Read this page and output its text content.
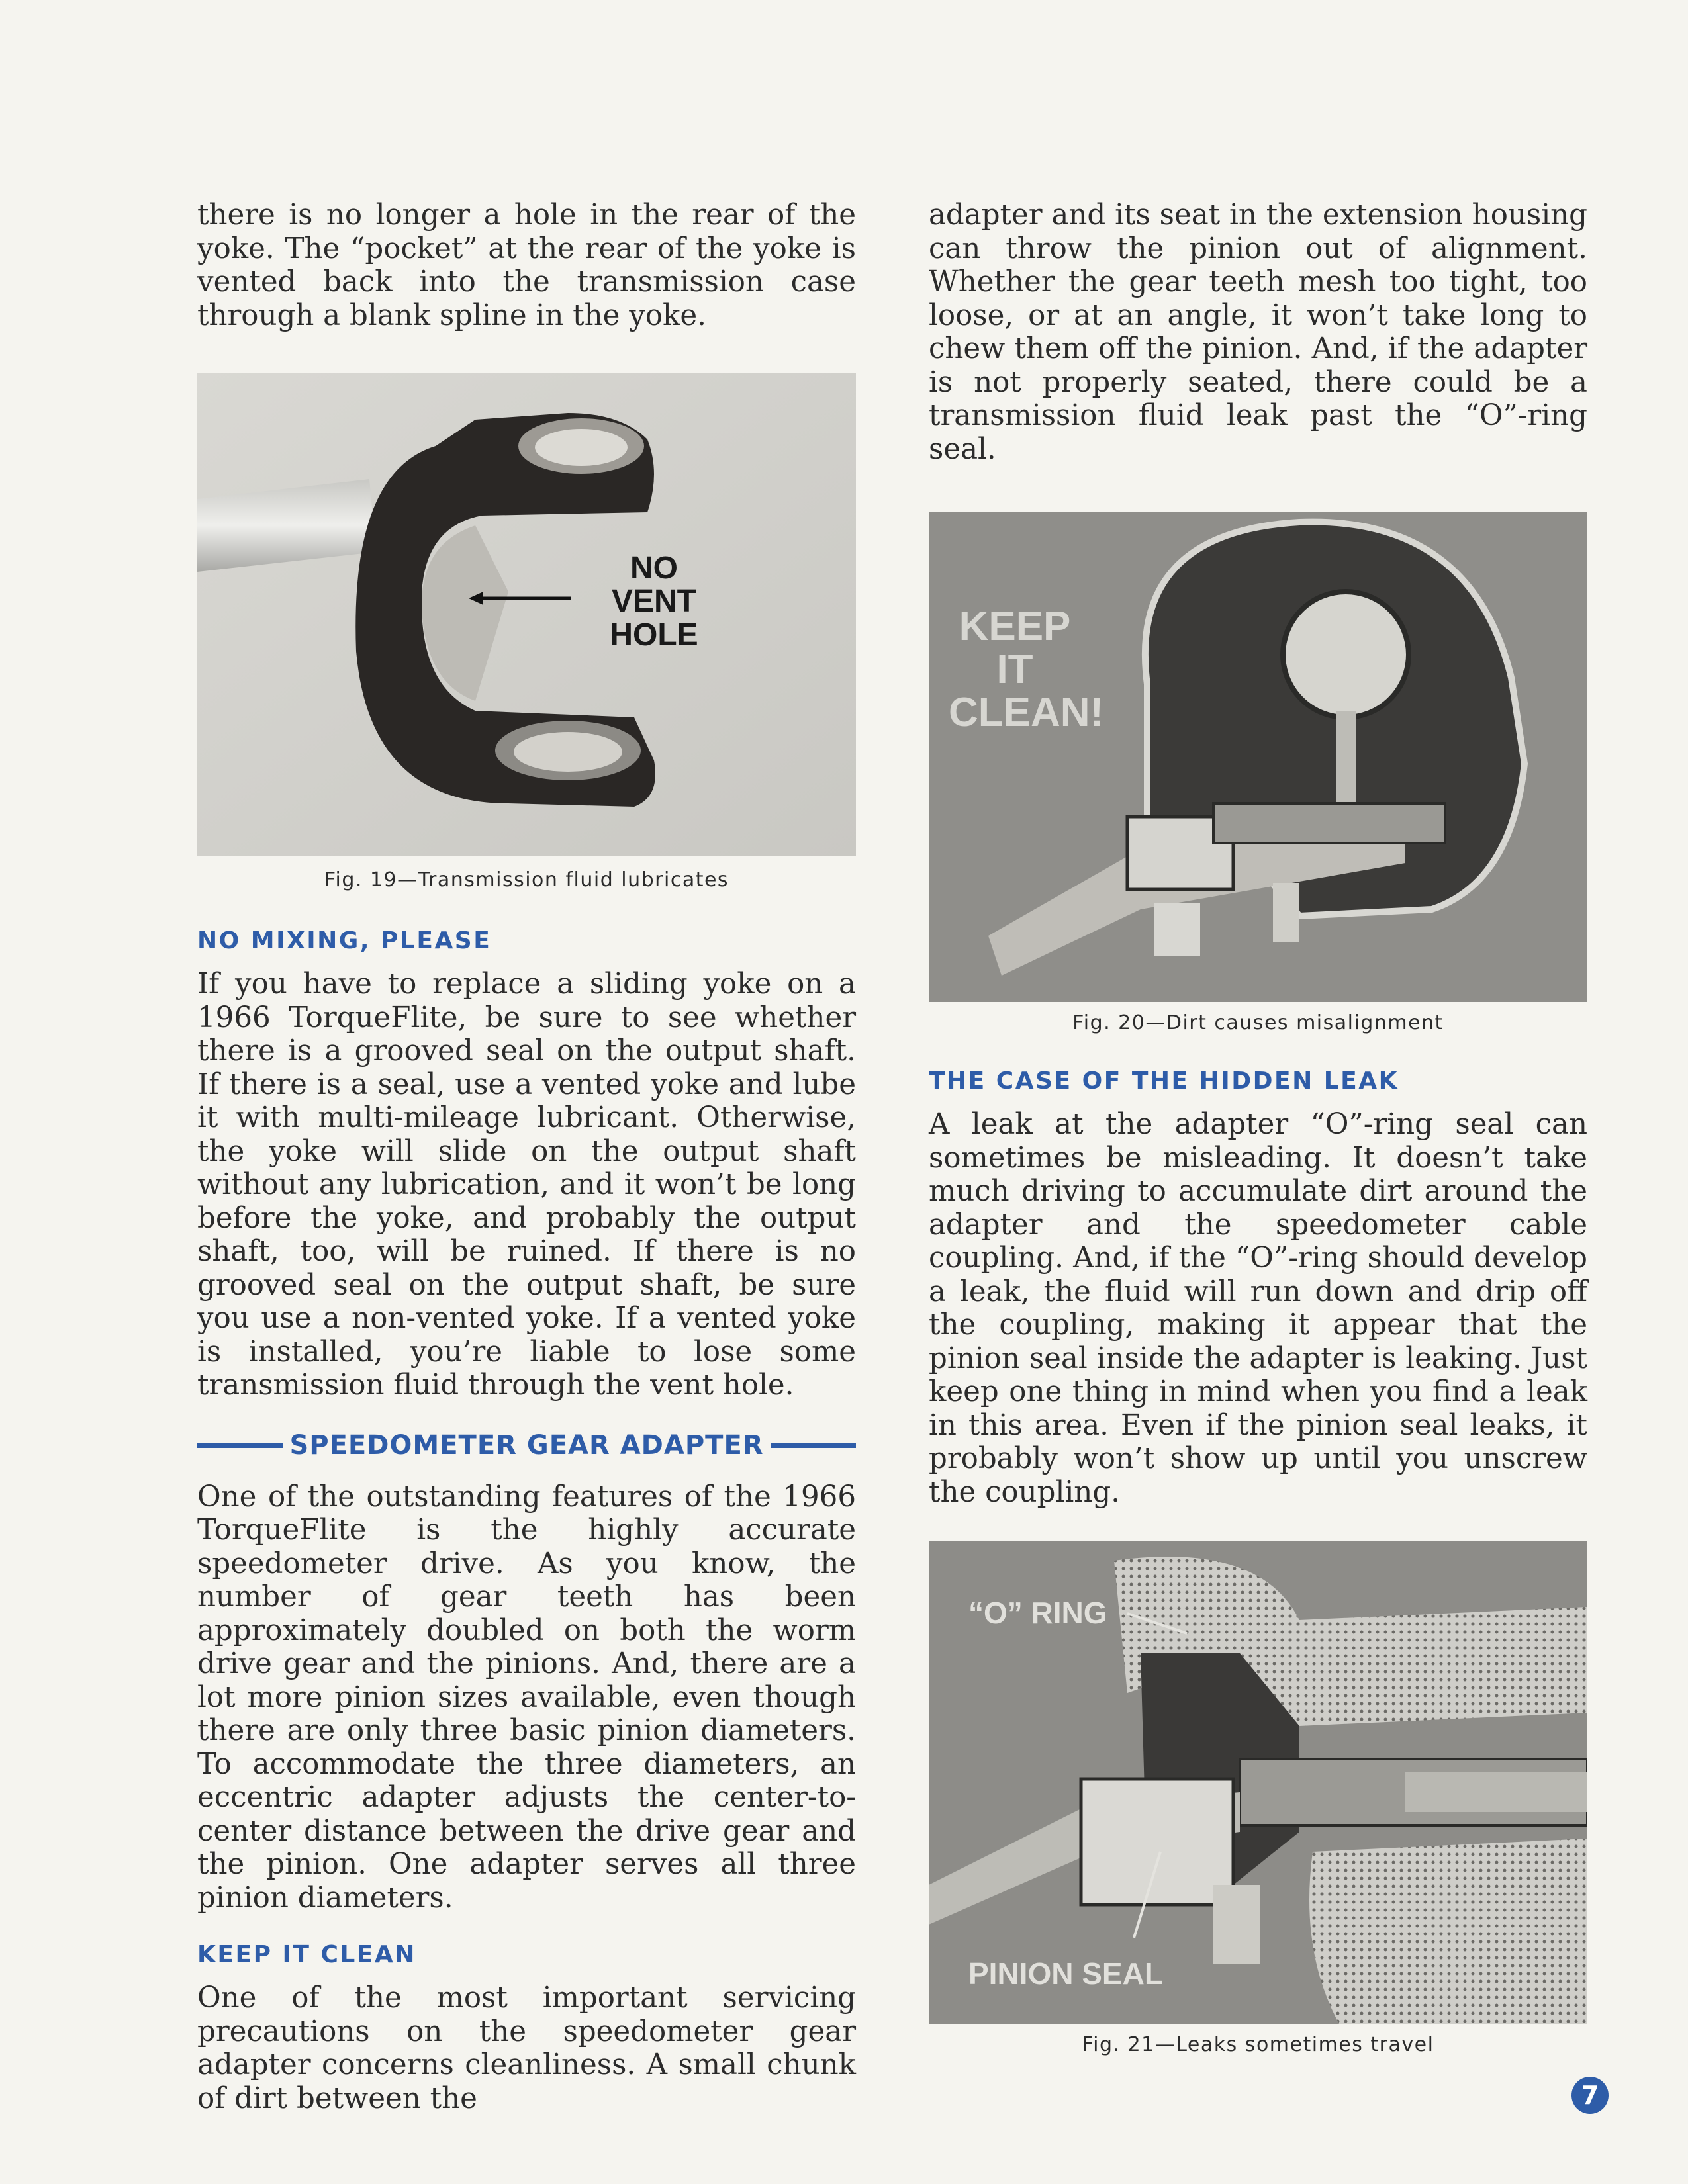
there is no longer a hole in the rear of the yoke. The “pocket” at the rear of the yoke is vented back into the transmission case through a blank spline in the yoke.

NO
VENT HOLE

Fig. 19—Transmission fluid lubricates

NO MIXING, PLEASE

If you have to replace a sliding yoke on a 1966 TorqueFlite, be sure to see whether there is a grooved seal on the output shaft. If there is a seal, use a vented yoke and lube it with multi-mileage lubricant. Otherwise, the yoke will slide on the output shaft without any lubrication, and it won’t be long before the yoke, and probably the output shaft, too, will be ruined. If there is no grooved seal on the output shaft, be sure you use a non-vented yoke. If a vented yoke is installed, you’re liable to lose some transmission fluid through the vent hole.

SPEEDOMETER GEAR ADAPTER

One of the outstanding features of the 1966 TorqueFlite is the highly accurate speedometer drive. As you know, the number of gear teeth has been approximately doubled on both the worm drive gear and the pinions. And, there are a lot more pinion sizes available, even though there are only three basic pinion diameters. To accommodate the three diameters, an eccentric adapter adjusts the center-to-center distance between the drive gear and the pinion. One adapter serves all three pinion diameters.

KEEP IT CLEAN

One of the most important servicing precautions on the speedometer gear adapter concerns cleanliness. A small chunk of dirt between the

adapter and its seat in the extension housing can throw the pinion out of alignment. Whether the gear teeth mesh too tight, too loose, or at an angle, it won’t take long to chew them off the pinion. And, if the adapter is not properly seated, there could be a transmission fluid leak past the “O”-ring seal.

KEEP
IT
CLEAN!

Fig. 20—Dirt causes misalignment

THE CASE OF THE HIDDEN LEAK

A leak at the adapter “O”-ring seal can sometimes be misleading. It doesn’t take much driving to accumulate dirt around the adapter and the speedometer cable coupling. And, if the “O”-ring should develop a leak, the fluid will run down and drip off the coupling, making it appear that the pinion seal inside the adapter is leaking. Just keep one thing in mind when you find a leak in this area. Even if the pinion seal leaks, it probably won’t show up until you unscrew the coupling.

“O” RING
PINION SEAL

Fig. 21—Leaks sometimes travel

7
